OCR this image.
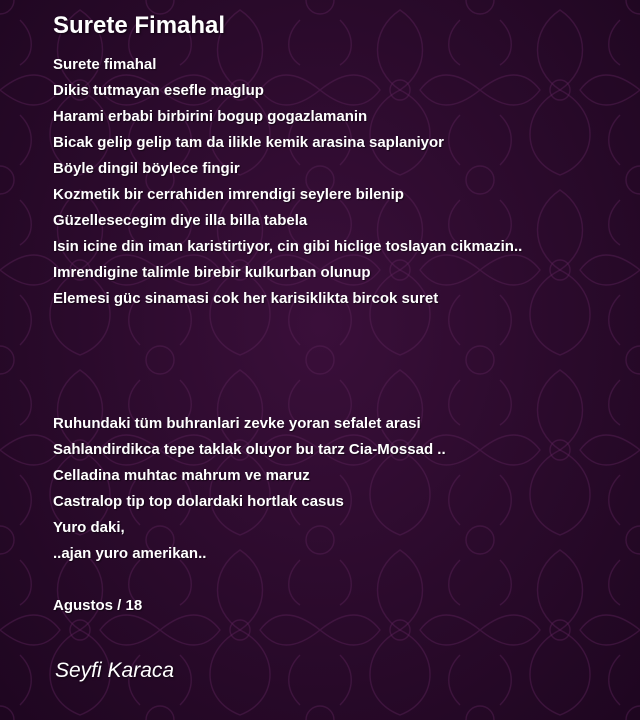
Surete Fimahal
Surete fimahal
Dikis tutmayan esefle maglup
Harami erbabi birbirini bogup gogazlamanin
Bicak gelip gelip tam da ilikle kemik arasina saplaniyor
Böyle dingil böylece fingir
Kozmetik bir cerrahiden imrendigi seylere bilenip
Güzellesecegim diye illa billa tabela
Isin icine din iman karistirtiyor, cin gibi hiclige toslayan cikmazin..
Imrendigine talimle birebir kulkurban olunup
Elemesi güc sinamasi cok her karisiklikta bircok suret
Ruhundaki tüm buhranlari zevke yoran sefalet arasi
Sahlandirdikca tepe taklak oluyor bu tarz Cia-Mossad ..
Celladina muhtac mahrum ve maruz
Castralop tip top dolardaki hortlak casus
Yuro daki,
..ajan yuro amerikan..
Agustos / 18
Seyfi Karaca
